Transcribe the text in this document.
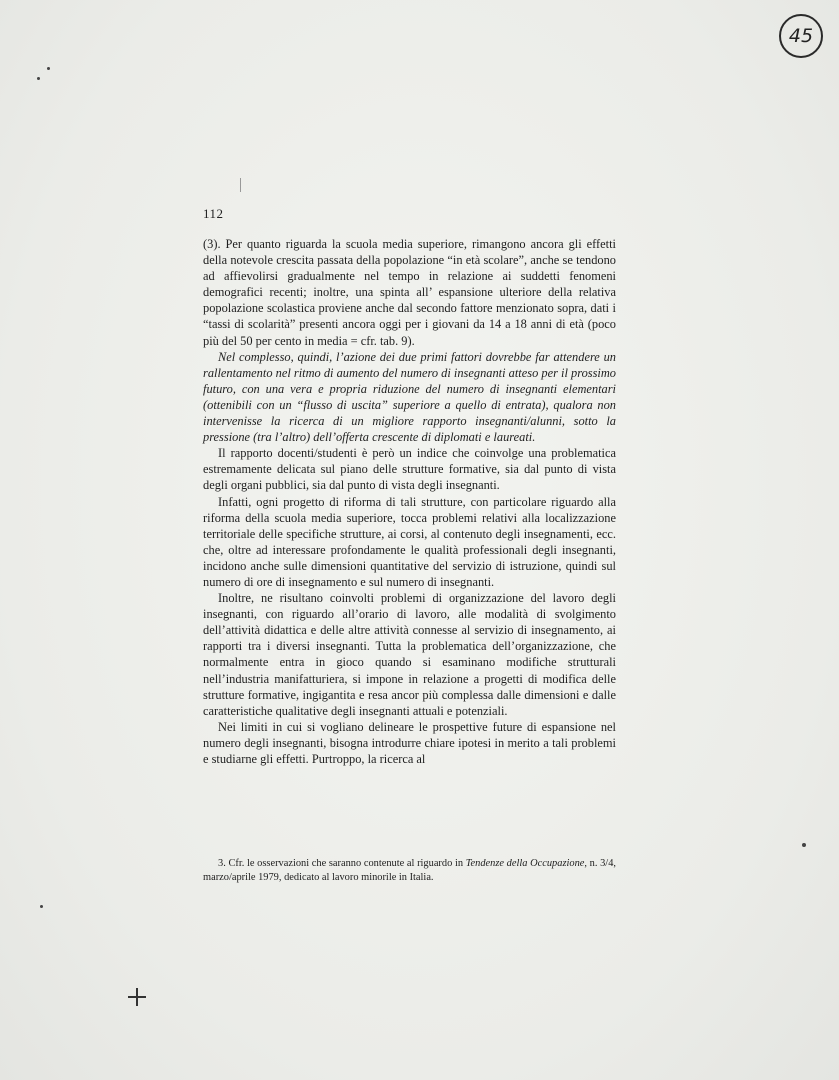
45
112

(3). Per quanto riguarda la scuola media superiore, rimangono ancora gli effetti della notevole crescita passata della popolazione “in età scolare”, anche se tendono ad affievolirsi gradualmente nel tempo in relazione ai suddetti fenomeni demografici recenti; inoltre, una spinta all’ espansione ulteriore della relativa popolazione scolastica proviene anche dal secondo fattore menzionato sopra, dati i “tassi di scolarità” presenti ancora oggi per i giovani da 14 a 18 anni di età (poco più del 50 per cento in media = cfr. tab. 9).

Nel complesso, quindi, l’azione dei due primi fattori dovrebbe far attendere un rallentamento nel ritmo di aumento del numero di insegnanti atteso per il prossimo futuro, con una vera e propria riduzione del numero di insegnanti elementari (ottenibili con un “flusso di uscita” superiore a quello di entrata), qualora non intervenisse la ricerca di un migliore rapporto insegnanti/alunni, sotto la pressione (tra l’altro) dell’offerta crescente di diplomati e laureati.

Il rapporto docenti/studenti è però un indice che coinvolge una problematica estremamente delicata sul piano delle strutture formative, sia dal punto di vista degli organi pubblici, sia dal punto di vista degli insegnanti.

Infatti, ogni progetto di riforma di tali strutture, con particolare riguardo alla riforma della scuola media superiore, tocca problemi relativi alla localizzazione territoriale delle specifiche strutture, ai corsi, al contenuto degli insegnamenti, ecc. che, oltre ad interessare profondamente le qualità professionali degli insegnanti, incidono anche sulle dimensioni quantitative del servizio di istruzione, quindi sul numero di ore di insegnamento e sul numero di insegnanti.

Inoltre, ne risultano coinvolti problemi di organizzazione del lavoro degli insegnanti, con riguardo all’orario di lavoro, alle modalità di svolgimento dell’attività didattica e delle altre attività connesse al servizio di insegnamento, ai rapporti tra i diversi insegnanti. Tutta la problematica dell’organizzazione, che normalmente entra in gioco quando si esaminano modifiche strutturali nell’industria manifatturiera, si impone in relazione a progetti di modifica delle strutture formative, ingigantita e resa ancor più complessa dalle dimensioni e dalle caratteristiche qualitative degli insegnanti attuali e potenziali.

Nei limiti in cui si vogliano delineare le prospettive future di espansione nel numero degli insegnanti, bisogna introdurre chiare ipotesi in merito a tali problemi e studiarne gli effetti. Purtroppo, la ricerca al

3. Cfr. le osservazioni che saranno contenute al riguardo in Tendenze della Occupazione, n. 3/4, marzo/aprile 1979, dedicato al lavoro minorile in Italia.
